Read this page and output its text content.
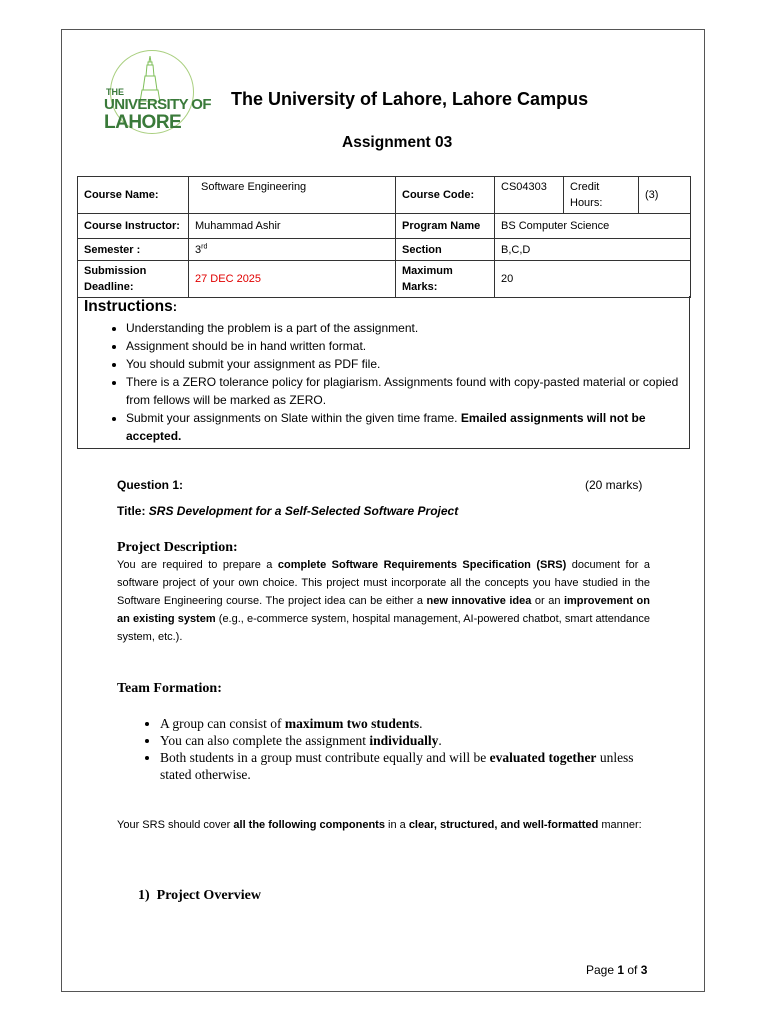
THE
UNIVERSITY OF
LAHORE
The University of Lahore, Lahore Campus
Assignment 03
Course Name:	Software Engineering	Course Code:	CS04303	Credit Hours:	(3)
Course Instructor:	Muhammad Ashir	Program Name	BS Computer Science		
Semester :	3rd	Section	B,C,D		
Submission Deadline:	27 DEC 2025	Maximum Marks:	20		
Instructions:
• Understanding the problem is a part of the assignment.
• Assignment should be in hand written format.
• You should submit your assignment as PDF file.
• There is a ZERO tolerance policy for plagiarism. Assignments found with copy-pasted material or copied from fellows will be marked as ZERO.
• Submit your assignments on Slate within the given time frame. Emailed assignments will not be accepted.
Question 1:	(20 marks)
Title: SRS Development for a Self-Selected Software Project
Project Description:
You are required to prepare a complete Software Requirements Specification (SRS) document for a software project of your own choice. This project must incorporate all the concepts you have studied in the Software Engineering course. The project idea can be either a new innovative idea or an improvement on an existing system (e.g., e-commerce system, hospital management, AI-powered chatbot, smart attendance system, etc.).
Team Formation:
• A group can consist of maximum two students.
• You can also complete the assignment individually.
• Both students in a group must contribute equally and will be evaluated together unless stated otherwise.
Your SRS should cover all the following components in a clear, structured, and well-formatted manner:
1)  Project Overview
Page 1 of 3
